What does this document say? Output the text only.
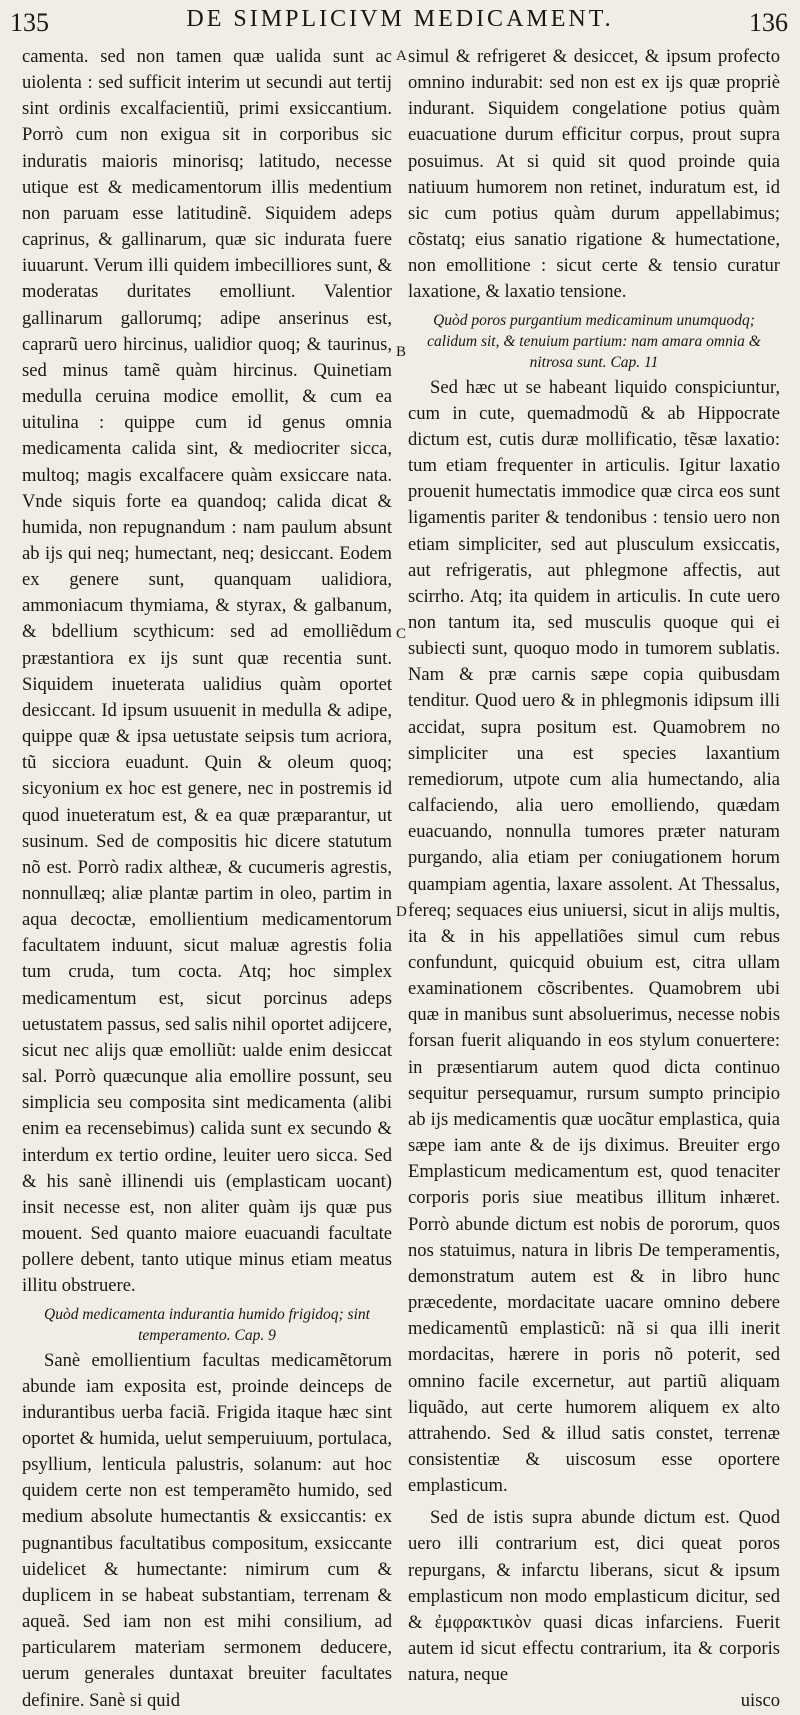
135	DE SIMPLICIVM MEDICAMENT.	136
A
B
C
D

camenta. sed non tamen quæ ualida sunt ac uiolenta : sed sufficit interim ut secundi aut tertij sint ordinis excalfacientiũ, primi exsiccantium. Porrò cum non exigua sit in corporibus sic induratis maioris minorisq; latitudo, necesse utique est & medicamentorum illis medentium non paruam esse latitudinẽ. Siquidem adeps caprinus, & gallinarum, quæ sic indurata fuere iuuarunt. Verum illi quidem imbecilliores sunt, & moderatas duritates emolliunt. Valentior gallinarum gallorumq; adipe anserinus est, caprarũ uero hircinus, ualidior quoq; & taurinus, sed minus tamẽ quàm hircinus. Quinetiam medulla ceruina modice emollit, & cum ea uitulina : quippe cum id genus omnia medicamenta calida sint, & mediocriter sicca, multoq; magis excalfacere quàm exsiccare nata. Vnde siquis forte ea quandoq; calida dicat & humida, non repugnandum : nam paulum absunt ab ijs qui neq; humectant, neq; desiccant. Eodem ex genere sunt, quanquam ualidiora, ammoniacum thymiama, & styrax, & galbanum, & bdellium scythicum: sed ad emolliẽdum præstantiora ex ijs sunt quæ recentia sunt. Siquidem inueterata ualidius quàm oportet desiccant. Id ipsum usuuenit in medulla & adipe, quippe quæ & ipsa uetustate seipsis tum acriora, tũ sicciora euadunt. Quin & oleum quoq; sicyonium ex hoc est genere, nec in postremis id quod inueteratum est, & ea quæ præparantur, ut susinum. Sed de compositis hic dicere statutum nõ est. Porrò radix altheæ, & cucumeris agrestis, nonnullæq; aliæ plantæ partim in oleo, partim in aqua decoctæ, emollientium medicamentorum facultatem induunt, sicut maluæ agrestis folia tum cruda, tum cocta. Atq; hoc simplex medicamentum est, sicut porcinus adeps uetustatem passus, sed salis nihil oportet adijcere, sicut nec alijs quæ emolliũt: ualde enim desiccat sal. Porrò quæcunque alia emollire possunt, seu simplicia seu composita sint medicamenta (alibi enim ea recensebimus) calida sunt ex secundo & interdum ex tertio ordine, leuiter uero sicca. Sed & his sanè illinendi uis (emplasticam uocant) insit necesse est, non aliter quàm ijs quæ pus mouent. Sed quanto maiore euacuandi facultate pollere debent, tanto utique minus etiam meatus illitu obstruere.

Quòd medicamenta indurantia humido frigidoq; sint temperamento. Cap. 9

Sanè emollientium facultas medicamẽtorum abunde iam exposita est, proinde deinceps de indurantibus uerba faciã. Frigida itaque hæc sint oportet & humida, uelut semperuiuum, portulaca, psyllium, lenticula palustris, solanum: aut hoc quidem certe non est temperamẽto humido, sed medium absolute humectantis & exsiccantis: ex pugnantibus facultatibus compositum, exsiccante uidelicet & humectante: nimirum cum & duplicem in se habeat substantiam, terrenam & aqueã. Sed iam non est mihi consilium, ad particularem materiam sermonem deducere, uerum generales duntaxat breuiter facultates definire. Sanè si quid

simul & refrigeret & desiccet, & ipsum profecto omnino indurabit: sed non est ex ijs quæ propriè indurant. Siquidem congelatione potius quàm euacuatione durum efficitur corpus, prout supra posuimus. At si quid sit quod proinde quia natiuum humorem non retinet, induratum est, id sic cum potius quàm durum appellabimus; cõstatq; eius sanatio rigatione & humectatione, non emollitione : sicut certe & tensio curatur laxatione, & laxatio tensione.

Quòd poros purgantium medicaminum unumquodq; calidum sit, & tenuium partium: nam amara omnia & nitrosa sunt. Cap. 11

Sed hæc ut se habeant liquido conspiciuntur, cum in cute, quemadmodũ & ab Hippocrate dictum est, cutis duræ mollificatio, tẽsæ laxatio: tum etiam frequenter in articulis. Igitur laxatio prouenit humectatis immodice quæ circa eos sunt ligamentis pariter & tendonibus : tensio uero non etiam simpliciter, sed aut plusculum exsiccatis, aut refrigeratis, aut phlegmone affectis, aut scirrho. Atq; ita quidem in articulis. In cute uero non tantum ita, sed musculis quoque qui ei subiecti sunt, quoquo modo in tumorem sublatis. Nam & præ carnis sæpe copia quibusdam tenditur. Quod uero & in phlegmonis idipsum illi accidat, supra positum est. Quamobrem no simpliciter una est species laxantium remediorum, utpote cum alia humectando, alia calfaciendo, alia uero emolliendo, quædam euacuando, nonnulla tumores præter naturam purgando, alia etiam per coniugationem horum quampiam agentia, laxare assolent. At Thessalus, fereq; sequaces eius uniuersi, sicut in alijs multis, ita & in his appellatiões simul cum rebus confundunt, quicquid obuium est, citra ullam examinationem cõscribentes. Quamobrem ubi quæ in manibus sunt absoluerimus, necesse nobis forsan fuerit aliquando in eos stylum conuertere: in præsentiarum autem quod dicta continuo sequitur persequamur, rursum sumpto principio ab ijs medicamentis quæ uocãtur emplastica, quia sæpe iam ante & de ijs diximus. Breuiter ergo Emplasticum medicamentum est, quod tenaciter corporis poris siue meatibus illitum inhæret. Porrò abunde dictum est nobis de pororum, quos nos statuimus, natura in libris De temperamentis, demonstratum autem est & in libro hunc præcedente, mordacitate uacare omnino debere medicamentũ emplasticũ: nã si qua illi inerit mordacitas, hærere in poris nõ poterit, sed omnino facile excernetur, aut partiũ aliquam liquãdo, aut certe humorem aliquem ex alto attrahendo. Sed & illud satis constet, terrenæ consistentiæ & uiscosum esse oportere emplasticum.

Sed de istis supra abunde dictum est. Quod uero illi contrarium est, dici queat poros repurgans, & infarctu liberans, sicut & ipsum emplasticum non modo emplasticum dicitur, sed & ἐμφρακτικὸν quasi dicas infarciens. Fuerit autem id sicut effectu contrarium, ita & corporis natura, neque

uisco
